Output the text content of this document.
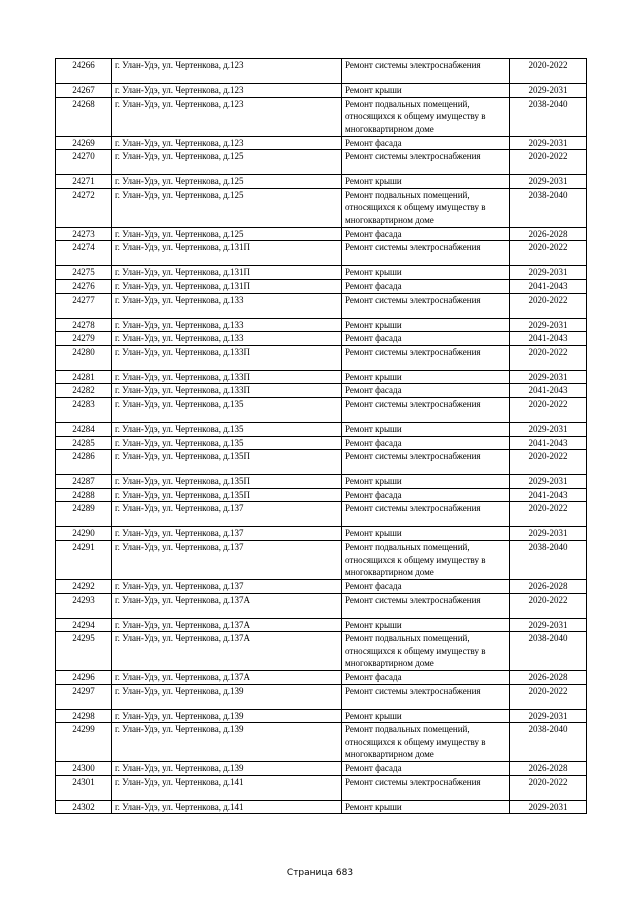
24266	г. Улан-Удэ, ул. Чертенкова, д.123	Ремонт системы электроснабжения	2020-2022
24267	г. Улан-Удэ, ул. Чертенкова, д.123	Ремонт крыши	2029-2031
24268	г. Улан-Удэ, ул. Чертенкова, д.123	Ремонт подвальных помещений, относящихся к общему имуществу в многоквартирном доме	2038-2040
24269	г. Улан-Удэ, ул. Чертенкова, д.123	Ремонт фасада	2029-2031
24270	г. Улан-Удэ, ул. Чертенкова, д.125	Ремонт системы электроснабжения	2020-2022
24271	г. Улан-Удэ, ул. Чертенкова, д.125	Ремонт крыши	2029-2031
24272	г. Улан-Удэ, ул. Чертенкова, д.125	Ремонт подвальных помещений, относящихся к общему имуществу в многоквартирном доме	2038-2040
24273	г. Улан-Удэ, ул. Чертенкова, д.125	Ремонт фасада	2026-2028
24274	г. Улан-Удэ, ул. Чертенкова, д.131П	Ремонт системы электроснабжения	2020-2022
24275	г. Улан-Удэ, ул. Чертенкова, д.131П	Ремонт крыши	2029-2031
24276	г. Улан-Удэ, ул. Чертенкова, д.131П	Ремонт фасада	2041-2043
24277	г. Улан-Удэ, ул. Чертенкова, д.133	Ремонт системы электроснабжения	2020-2022
24278	г. Улан-Удэ, ул. Чертенкова, д.133	Ремонт крыши	2029-2031
24279	г. Улан-Удэ, ул. Чертенкова, д.133	Ремонт фасада	2041-2043
24280	г. Улан-Удэ, ул. Чертенкова, д.133П	Ремонт системы электроснабжения	2020-2022
24281	г. Улан-Удэ, ул. Чертенкова, д.133П	Ремонт крыши	2029-2031
24282	г. Улан-Удэ, ул. Чертенкова, д.133П	Ремонт фасада	2041-2043
24283	г. Улан-Удэ, ул. Чертенкова, д.135	Ремонт системы электроснабжения	2020-2022
24284	г. Улан-Удэ, ул. Чертенкова, д.135	Ремонт крыши	2029-2031
24285	г. Улан-Удэ, ул. Чертенкова, д.135	Ремонт фасада	2041-2043
24286	г. Улан-Удэ, ул. Чертенкова, д.135П	Ремонт системы электроснабжения	2020-2022
24287	г. Улан-Удэ, ул. Чертенкова, д.135П	Ремонт крыши	2029-2031
24288	г. Улан-Удэ, ул. Чертенкова, д.135П	Ремонт фасада	2041-2043
24289	г. Улан-Удэ, ул. Чертенкова, д.137	Ремонт системы электроснабжения	2020-2022
24290	г. Улан-Удэ, ул. Чертенкова, д.137	Ремонт крыши	2029-2031
24291	г. Улан-Удэ, ул. Чертенкова, д.137	Ремонт подвальных помещений, относящихся к общему имуществу в многоквартирном доме	2038-2040
24292	г. Улан-Удэ, ул. Чертенкова, д.137	Ремонт фасада	2026-2028
24293	г. Улан-Удэ, ул. Чертенкова, д.137А	Ремонт системы электроснабжения	2020-2022
24294	г. Улан-Удэ, ул. Чертенкова, д.137А	Ремонт крыши	2029-2031
24295	г. Улан-Удэ, ул. Чертенкова, д.137А	Ремонт подвальных помещений, относящихся к общему имуществу в многоквартирном доме	2038-2040
24296	г. Улан-Удэ, ул. Чертенкова, д.137А	Ремонт фасада	2026-2028
24297	г. Улан-Удэ, ул. Чертенкова, д.139	Ремонт системы электроснабжения	2020-2022
24298	г. Улан-Удэ, ул. Чертенкова, д.139	Ремонт крыши	2029-2031
24299	г. Улан-Удэ, ул. Чертенкова, д.139	Ремонт подвальных помещений, относящихся к общему имуществу в многоквартирном доме	2038-2040
24300	г. Улан-Удэ, ул. Чертенкова, д.139	Ремонт фасада	2026-2028
24301	г. Улан-Удэ, ул. Чертенкова, д.141	Ремонт системы электроснабжения	2020-2022
24302	г. Улан-Удэ, ул. Чертенкова, д.141	Ремонт крыши	2029-2031
Страница 683
